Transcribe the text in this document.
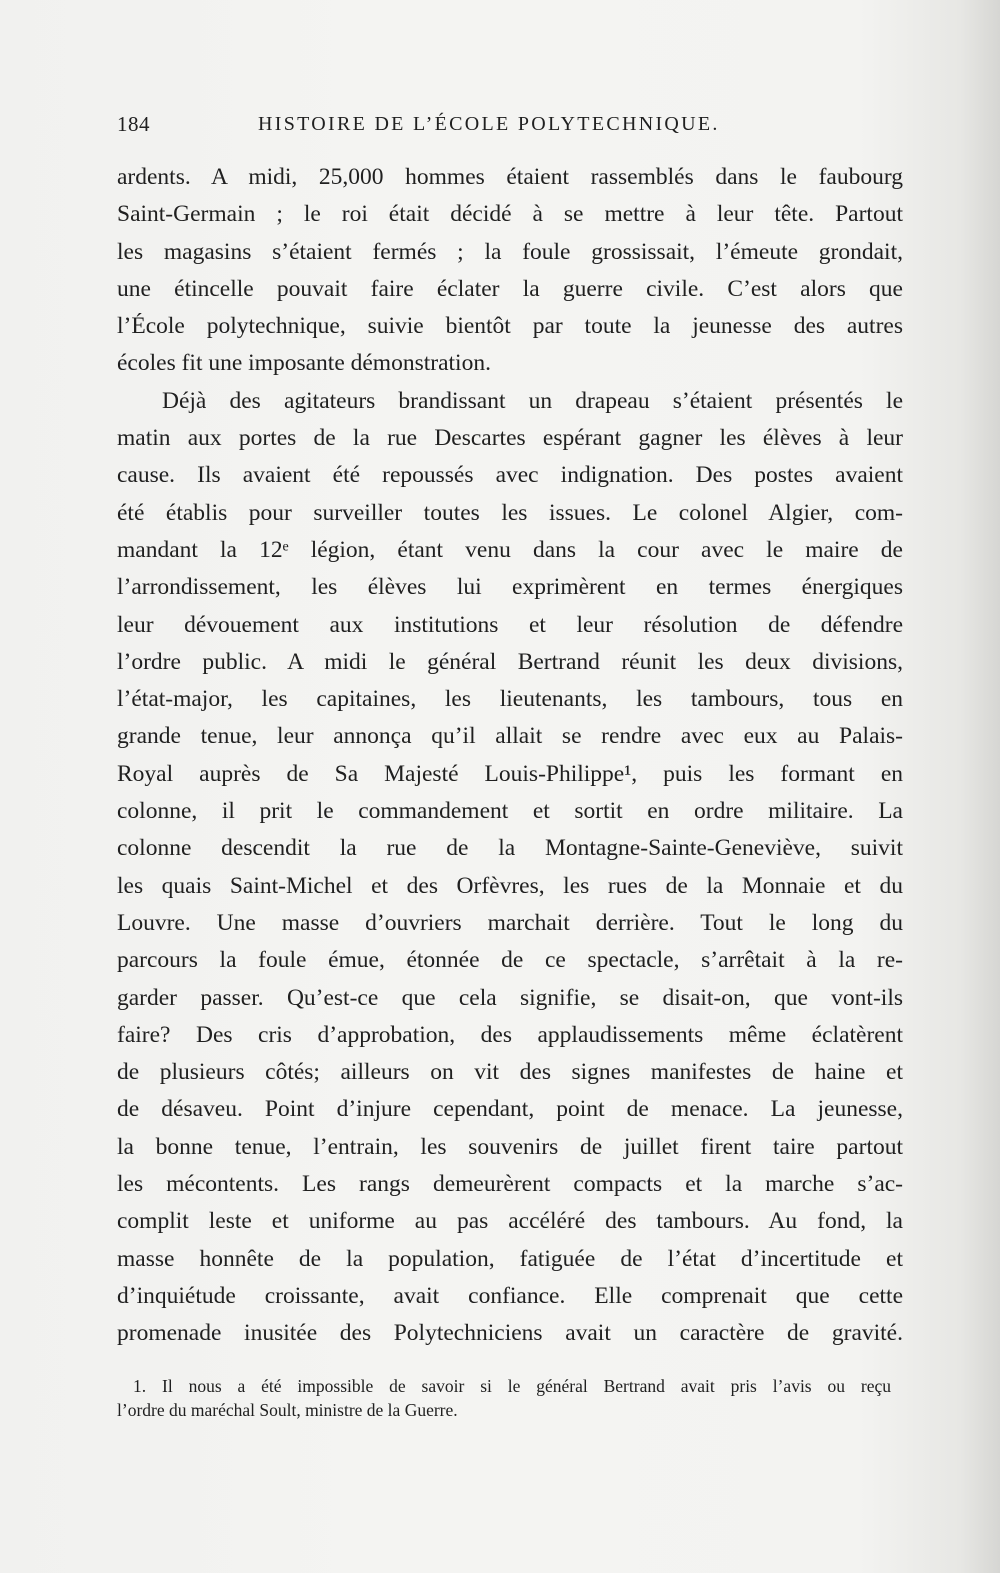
184	HISTOIRE DE L’ÉCOLE POLYTECHNIQUE.
ardents. A midi, 25,000 hommes étaient rassemblés dans le faubourg
Saint-Germain ; le roi était décidé à se mettre à leur tête. Partout
les magasins s’étaient fermés ; la foule grossissait, l’émeute grondait,
une étincelle pouvait faire éclater la guerre civile. C’est alors que
l’École polytechnique, suivie bientôt par toute la jeunesse des autres
écoles fit une imposante démonstration.
Déjà des agitateurs brandissant un drapeau s’étaient présentés le
matin aux portes de la rue Descartes espérant gagner les élèves à leur
cause. Ils avaient été repoussés avec indignation. Des postes avaient
été établis pour surveiller toutes les issues. Le colonel Algier, com-
mandant la 12ᵉ légion, étant venu dans la cour avec le maire de
l’arrondissement, les élèves lui exprimèrent en termes énergiques
leur dévouement aux institutions et leur résolution de défendre
l’ordre public. A midi le général Bertrand réunit les deux divisions,
l’état-major, les capitaines, les lieutenants, les tambours, tous en
grande tenue, leur annonça qu’il allait se rendre avec eux au Palais-
Royal auprès de Sa Majesté Louis-Philippe¹, puis les formant en
colonne, il prit le commandement et sortit en ordre militaire. La
colonne descendit la rue de la Montagne-Sainte-Geneviève, suivit
les quais Saint-Michel et des Orfèvres, les rues de la Monnaie et du
Louvre. Une masse d’ouvriers marchait derrière. Tout le long du
parcours la foule émue, étonnée de ce spectacle, s’arrêtait à la re-
garder passer. Qu’est-ce que cela signifie, se disait-on, que vont-ils
faire? Des cris d’approbation, des applaudissements même éclatèrent
de plusieurs côtés; ailleurs on vit des signes manifestes de haine et
de désaveu. Point d’injure cependant, point de menace. La jeunesse,
la bonne tenue, l’entrain, les souvenirs de juillet firent taire partout
les mécontents. Les rangs demeurèrent compacts et la marche s’ac-
complit leste et uniforme au pas accéléré des tambours. Au fond, la
masse honnête de la population, fatiguée de l’état d’incertitude et
d’inquiétude croissante, avait confiance. Elle comprenait que cette
promenade inusitée des Polytechniciens avait un caractère de gravité.
1. Il nous a été impossible de savoir si le général Bertrand avait pris l’avis ou reçu
l’ordre du maréchal Soult, ministre de la Guerre.
